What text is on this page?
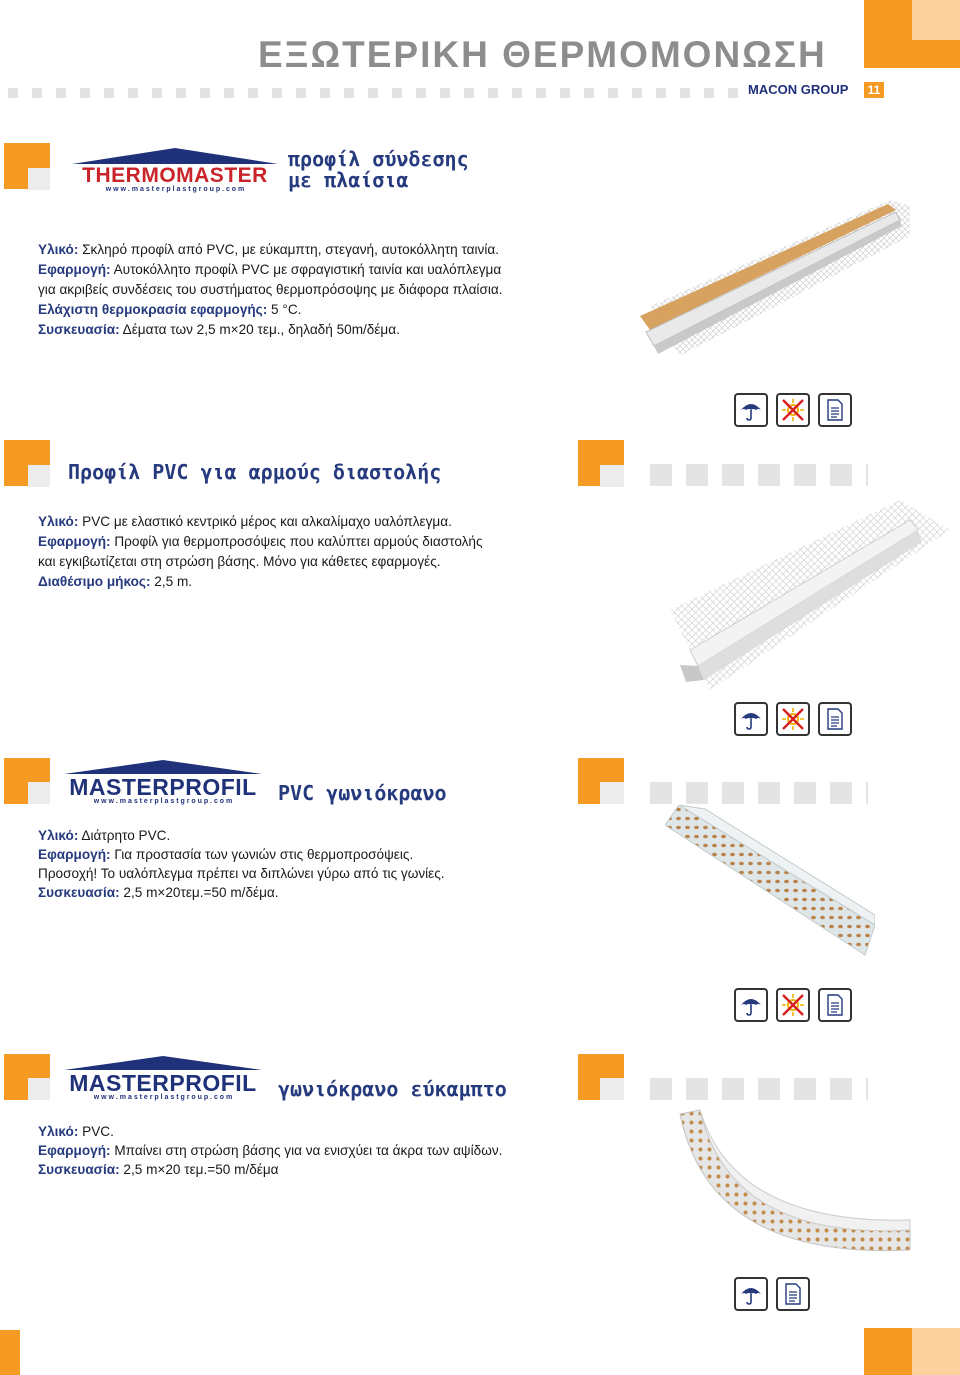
ΕΞΩΤΕΡΙΚΗ ΘΕΡΜΟΜΟΝΩΣΗ
MACON GROUP	11
THERMOMASTER
w w w . m a s t e r p l a s t g r o u p . c o m
προφίλ σύνδεσης
με πλαίσια
Υλικό: Σκληρό προφίλ από PVC, με εύκαμπτη, στεγανή, αυτοκόλλητη ταινία.
Εφαρμογή: Αυτοκόλλητο προφίλ PVC με σφραγιστική ταινία και υαλόπλεγμα
για ακριβείς συνδέσεις του συστήματος θερμοπρόσοψης με διάφορα πλαίσια.
Ελάχιστη θερμοκρασία εφαρμογής: 5 °C.
Συσκευασία: Δέματα των 2,5 m×20 τεμ., δηλαδή 50m/δέμα.
Προφίλ PVC για αρμούς διαστολής
Υλικό: PVC με ελαστικό κεντρικό μέρος και αλκαλίμαχο υαλόπλεγμα.
Εφαρμογή: Προφίλ για θερμοπροσόψεις που καλύπτει αρμούς διαστολής
και εγκιβωτίζεται στη στρώση βάσης. Μόνο για κάθετες εφαρμογές.
Διαθέσιμο μήκος: 2,5 m.
MASTERPROFIL
w w w . m a s t e r p l a s t g r o u p . c o m	PVC γωνιόκρανο
Υλικό: Διάτρητο PVC.
Εφαρμογή: Για προστασία των γωνιών στις θερμοπροσόψεις.
Προσοχή! Το υαλόπλεγμα πρέπει να διπλώνει γύρω από τις γωνίες.
Συσκευασία: 2,5 m×20τεμ.=50 m/δέμα.
MASTERPROFIL
w w w . m a s t e r p l a s t g r o u p . c o m	γωνιόκρανο εύκαμπτο
Υλικό: PVC.
Εφαρμογή: Μπαίνει στη στρώση βάσης για να ενισχύει τα άκρα των αψίδων.
Συσκευασία: 2,5 m×20 τεμ.=50 m/δέμα
